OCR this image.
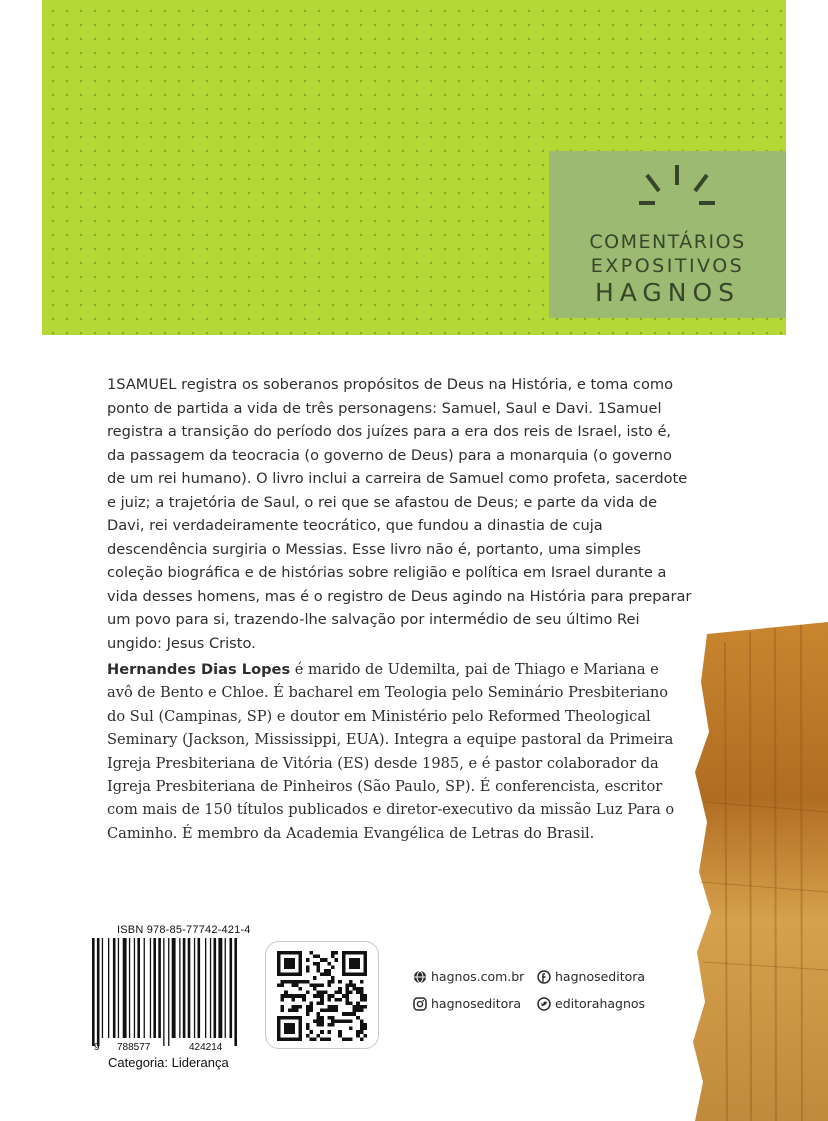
COMENTÁRIOS
EXPOSITIVOS
HAGNOS

1SAMUEL registra os soberanos propósitos de Deus na História, e toma como ponto de partida a vida de três personagens: Samuel, Saul e Davi. 1Samuel registra a transição do período dos juízes para a era dos reis de Israel, isto é, da passagem da teocracia (o governo de Deus) para a monarquia (o governo de um rei humano). O livro inclui a carreira de Samuel como profeta, sacerdote e juiz; a trajetória de Saul, o rei que se afastou de Deus; e parte da vida de Davi, rei verdadeiramente teocrático, que fundou a dinastia de cuja descendência surgiria o Messias. Esse livro não é, portanto, uma simples coleção biográfica e de histórias sobre religião e política em Israel durante a vida desses homens, mas é o registro de Deus agindo na História para preparar um povo para si, trazendo-lhe salvação por intermédio de seu último Rei ungido: Jesus Cristo.

Hernandes Dias Lopes é marido de Udemilta, pai de Thiago e Mariana e avô de Bento e Chloe. É bacharel em Teologia pelo Seminário Presbiteriano do Sul (Campinas, SP) e doutor em Ministério pelo Reformed Theological Seminary (Jackson, Mississippi, EUA). Integra a equipe pastoral da Primeira Igreja Presbiteriana de Vitória (ES) desde 1985, e é pastor colaborador da Igreja Presbiteriana de Pinheiros (São Paulo, SP). É conferencista, escritor com mais de 150 títulos publicados e diretor-executivo da missão Luz Para o Caminho. É membro da Academia Evangélica de Letras do Brasil.

ISBN 978-85-77742-421-4
9 788577	424214
Categoria: Liderança
hagnos.com.br hagnoseditora
hagnoseditora	editorahagnos
